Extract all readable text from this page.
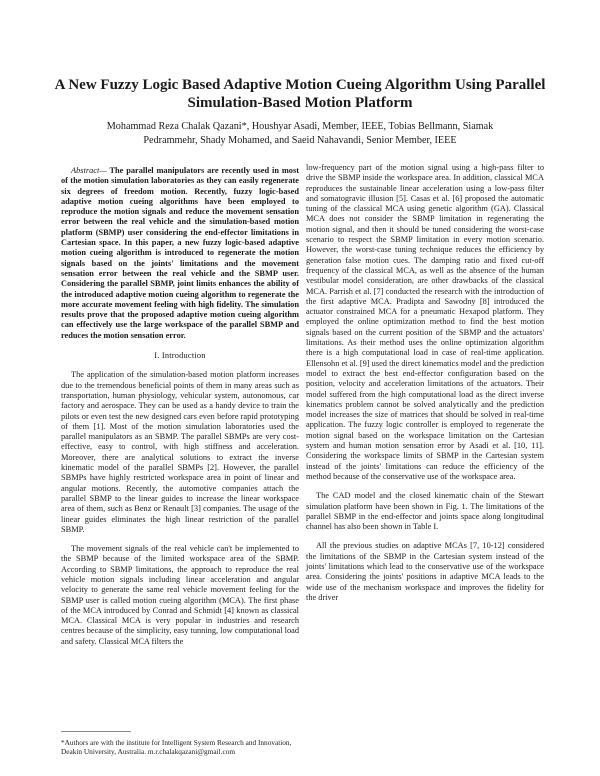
A New Fuzzy Logic Based Adaptive Motion Cueing Algorithm Using Parallel Simulation-Based Motion Platform
Mohammad Reza Chalak Qazani*, Houshyar Asadi, Member, IEEE, Tobias Bellmann, Siamak
Pedrammehr, Shady Mohamed, and Saeid Nahavandi, Senior Member, IEEE

Abstract— The parallel manipulators are recently used in most of the motion simulation laboratories as they can easily regenerate six degrees of freedom motion. Recently, fuzzy logic-based adaptive motion cueing algorithms have been employed to reproduce the motion signals and reduce the movement sensation error between the real vehicle and the simulation-based motion platform (SBMP) user considering the end-effector limitations in Cartesian space. In this paper, a new fuzzy logic-based adaptive motion cueing algorithm is introduced to regenerate the motion signals based on the joints' limitations and the movement sensation error between the real vehicle and the SBMP user. Considering the parallel SBMP, joint limits enhances the ability of the introduced adaptive motion cueing algorithm to regenerate the more accurate movement feeling with high fidelity. The simulation results prove that the proposed adaptive motion cueing algorithm can effectively use the large workspace of the parallel SBMP and reduces the motion sensation error.

I. Introduction

The application of the simulation-based motion platform increases due to the tremendous beneficial points of them in many areas such as transportation, human physiology, vehicular system, autonomous, car factory and aerospace. They can be used as a handy device to train the pilots or even test the new designed cars even before rapid prototyping of them [1]. Most of the motion simulation laboratories used the parallel manipulators as an SBMP. The parallel SBMPs are very cost-effective, easy to control, with high stiffness and acceleration. Moreover, there are analytical solutions to extract the inverse kinematic model of the parallel SBMPs [2]. However, the parallel SBMPs have highly restricted workspace area in point of linear and angular motions. Recently, the automotive companies attach the parallel SBMP to the linear guides to increase the linear workspace area of them, such as Benz or Renault [3] companies. The usage of the linear guides eliminates the high linear restriction of the parallel SBMP.

The movement signals of the real vehicle can't be implemented to the SBMP because of the limited workspace area of the SBMP. According to SBMP limitations, the approach to reproduce the real vehicle motion signals including linear acceleration and angular velocity to generate the same real vehicle movement feeling for the SBMP user is called motion cueing algorithm (MCA). The first phase of the MCA introduced by Conrad and Schmidt [4] known as classical MCA. Classical MCA is very popular in industries and research centres because of the simplicity, easy tunning, low computational load and safety. Classical MCA filters the

low-frequency part of the motion signal using a high-pass filter to drive the SBMP inside the workspace area. In addition, classical MCA reproduces the sustainable linear acceleration using a low-pass filter and somatogravic illusion [5]. Casas et al. [6] proposed the automatic tuning of the classical MCA using genetic algorithm (GA). Classical MCA does not consider the SBMP limitation in regenerating the motion signal, and then it should be tuned considering the worst-case scenario to respect the SBMP limitation in every motion scenario. However, the worst-case tuning technique reduces the efficiency by generation false motion cues. The damping ratio and fixed cut-off frequency of the classical MCA, as well as the absence of the human vestibular model consideration, are other drawbacks of the classical MCA. Parrish et al. [7] conducted the research with the introduction of the first adaptive MCA. Pradipta and Sawodny [8] introduced the actuator constrained MCA for a pneumatic Hexapod platform. They employed the online optimization method to find the best motion signals based on the current position of the SBMP and the actuators' limitations. As their method uses the online optimization algorithm there is a high computational load in case of real-time application. Ellensohn et al. [9] used the direct kinematics model and the prediction model to extract the best end-effector configuration based on the position, velocity and acceleration limitations of the actuators. Their model suffered from the high computational load as the direct inverse kinematics problem cannot be solved analytically and the prediction model increases the size of matrices that should be solved in real-time application. The fuzzy logic controller is employed to regenerate the motion signal based on the workspace limitation on the Cartesian system and human motion sensation error by Asadi et al. [10, 11]. Considering the workspace limits of SBMP in the Cartesian system instead of the joints' limitations can reduce the efficiency of the method because of the conservative use of the workspace area.

The CAD model and the closed kinematic chain of the Stewart simulation platform have been shown in Fig. 1. The limitations of the parallel SBMP in the end-effector and joints space along longitudinal channel has also been shown in Table I.

All the previous studies on adaptive MCAs [7, 10-12] considered the limitations of the SBMP in the Cartesian system instead of the joints' limitations which lead to the conservative use of the workspace area. Considering the joints' positions in adaptive MCA leads to the wide use of the mechanism workspace and improves the fidelity for the driver

*Authors are with the institute for Intelligent System Research and Innovation, Deakin University, Australia. m.r.chalakqazani@gmail.com
